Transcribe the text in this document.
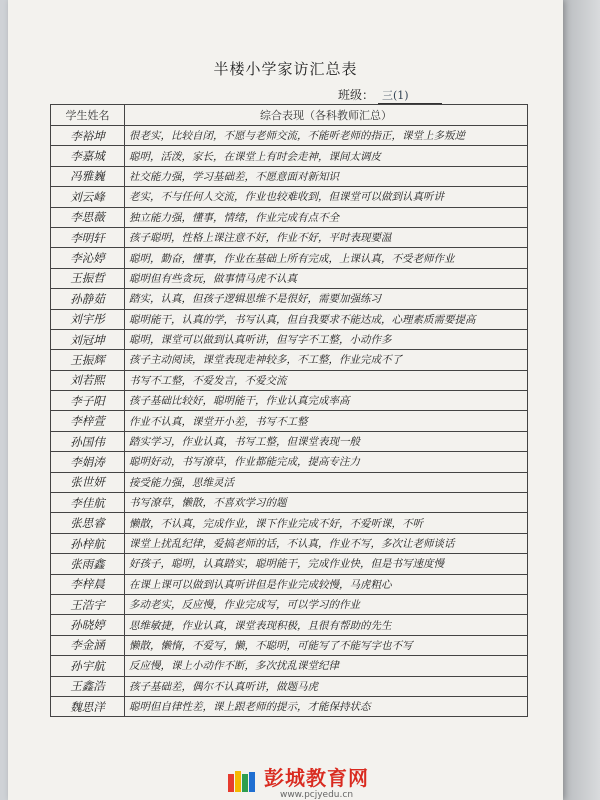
半楼小学家访汇总表
班级： 三(1)
学生姓名	综合表现（各科教师汇总）
李裕坤	很老实，比较自闭，不愿与老师交流，不能听老师的指正，课堂上多叛逆
李嘉城	聪明，活泼，家长，在课堂上有时会走神，课间太调皮
冯雅巍	社交能力强，学习基础差，不愿意面对新知识
刘云峰	老实，不与任何人交流，作业也较难收到，但课堂可以做到认真听讲
李思薇	独立能力强，懂事，情绪，作业完成有点不全
李明轩	孩子聪明，性格上课注意不好，作业不好，平时表现要温
李沁婷	聪明，勤奋，懂事，作业在基础上所有完成，上课认真，不受老师作业
王振哲	聪明但有些贪玩，做事情马虎不认真
孙静茹	踏实，认真，但孩子逻辑思维不是很好，需要加强练习
刘宇彤	聪明能干，认真的学，书写认真，但自我要求不能达成，心理素质需要提高
刘冠坤	聪明，课堂可以做到认真听讲，但写字不工整，小动作多
王振辉	孩子主动阅读，课堂表现走神较多，不工整，作业完成不了
刘若熙	书写不工整，不爱发言，不爱交流
李子阳	孩子基础比较好，聪明能干，作业认真完成率高
李梓萱	作业不认真，课堂开小差，书写不工整
孙国伟	踏实学习，作业认真，书写工整，但课堂表现一般
李娟涛	聪明好动，书写潦草，作业都能完成，提高专注力
张世妍	接受能力强，思维灵活
李佳航	书写潦草，懒散，不喜欢学习的题
张思睿	懒散，不认真，完成作业，课下作业完成不好，不爱听课，不听
孙梓航	课堂上扰乱纪律，爱搞老师的话，不认真，作业不写，多次让老师谈话
张雨鑫	好孩子，聪明，认真踏实，聪明能干，完成作业快，但是书写速度慢
李梓晨	在课上课可以做到认真听讲但是作业完成较慢，马虎粗心
王浩宇	多动老实，反应慢，作业完成写，可以学习的作业
孙晓婷	思维敏捷，作业认真，课堂表现积极，且很有帮助的先生
李金涵	懒散，懒惰，不爱写，懒，不聪明，可能写了不能写字也不写
孙宇航	反应慢，课上小动作不断，多次扰乱课堂纪律
王鑫浩	孩子基础差，偶尔不认真听讲，做题马虎
魏思洋	聪明但自律性差，课上跟老师的提示，才能保持状态
彭城教育网
www.pcjyedu.cn
